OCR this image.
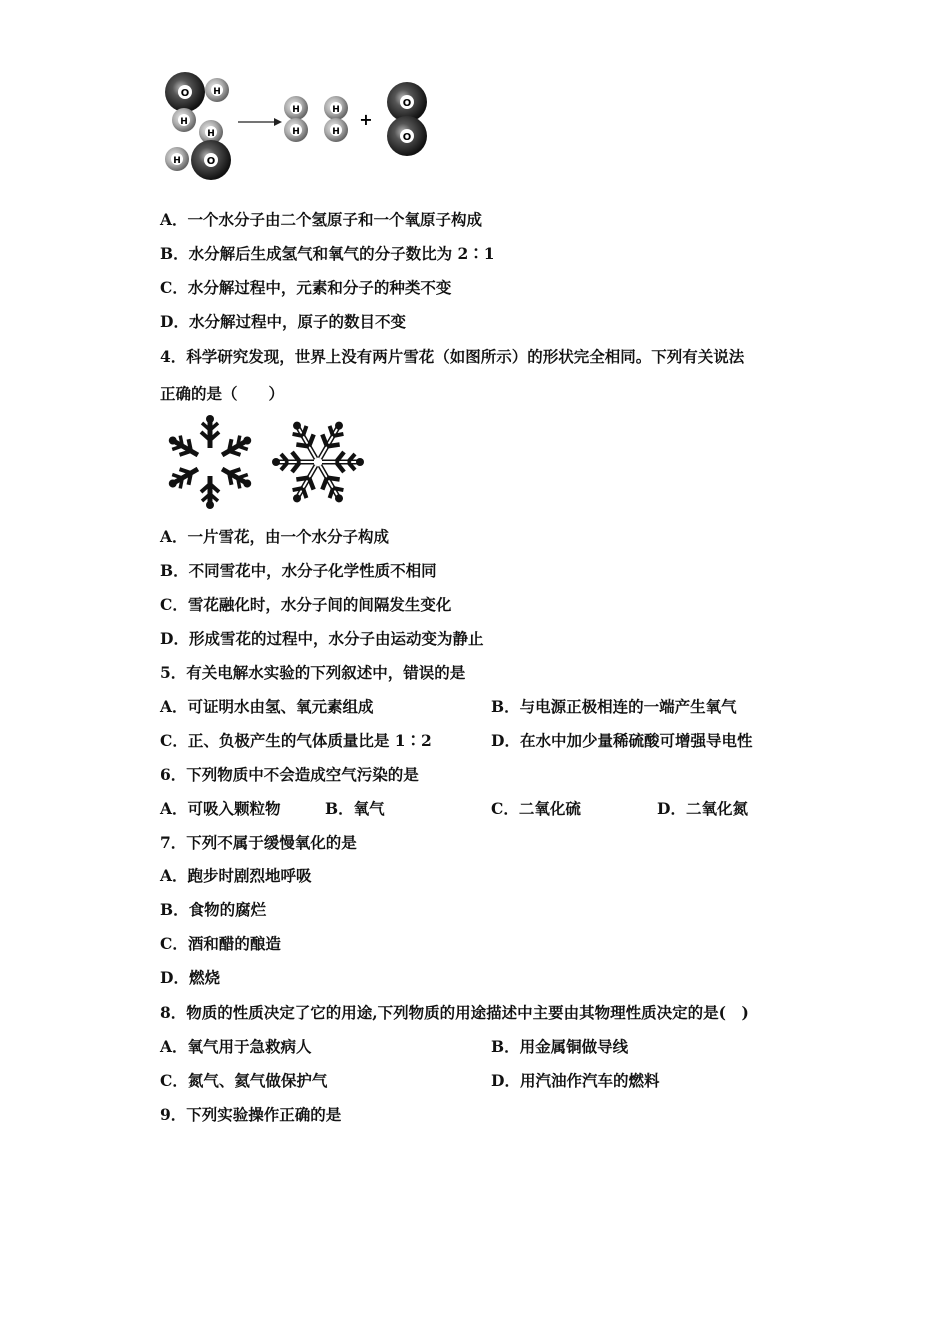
O	H
H
H
H	O
H
H
H
H
+
O
O
A．一个水分子由二个氢原子和一个氧原子构成
B．水分解后生成氢气和氧气的分子数比为 2∶1
C．水分解过程中，元素和分子的种类不变
D．水分解过程中，原子的数目不变
4．科学研究发现，世界上没有两片雪花（如图所示）的形状完全相同。下列有关说法
正确的是（　　）
A．一片雪花，由一个水分子构成
B．不同雪花中，水分子化学性质不相同
C．雪花融化时，水分子间的间隔发生变化
D．形成雪花的过程中，水分子由运动变为静止
5．有关电解水实验的下列叙述中，错误的是
A．可证明水由氢、氧元素组成	B．与电源正极相连的一端产生氧气
C．正、负极产生的气体质量比是 1∶2	D．在水中加少量稀硫酸可增强导电性
6．下列物质中不会造成空气污染的是
A．可吸入颗粒物	B．氧气	C．二氧化硫	D．二氧化氮
7．下列不属于缓慢氧化的是
A．跑步时剧烈地呼吸
B．食物的腐烂
C．酒和醋的酿造
D．燃烧
8．物质的性质决定了它的用途,下列物质的用途描述中主要由其物理性质决定的是(　)
A．氧气用于急救病人	B．用金属铜做导线
C．氮气、氦气做保护气	D．用汽油作汽车的燃料
9．下列实验操作正确的是
